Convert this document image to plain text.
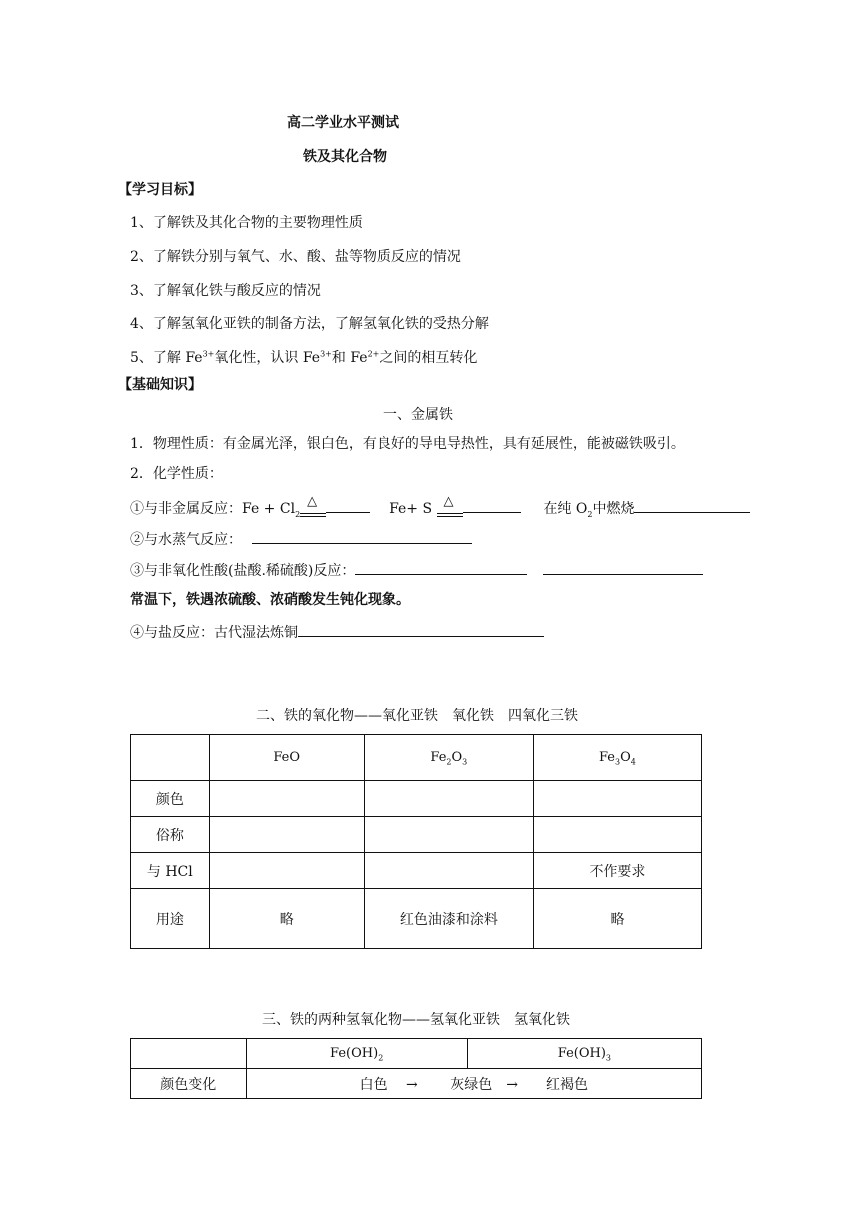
高二学业水平测试
铁及其化合物
【学习目标】
1、了解铁及其化合物的主要物理性质
2、了解铁分别与氧气、水、酸、盐等物质反应的情况
3、了解氧化铁与酸反应的情况
4、了解氢氧化亚铁的制备方法，了解氢氧化铁的受热分解
5、了解 $Fe^{3+}$氧化性，认识 $Fe^{3+}$和 $Fe^{2+}$之间的相互转化
【基础知识】
一、金属铁
1．物理性质：有金属光泽，银白色，有良好的导电导热性，具有延展性，能被磁铁吸引。
2．化学性质：
①与非金属反应：$Fe + Cl_2$
△	Fe+ S △	在纯 $O_2$中燃烧
②与水蒸气反应：
③与非氧化性酸(盐酸.稀硫酸)反应：
常温下，铁遇浓硫酸、浓硝酸发生钝化现象。
④与盐反应：古代湿法炼铜
二、铁的氧化物——氧化亚铁　氧化铁　四氧化三铁
	FeO	$Fe_2O_3$	$Fe_3O_4$
颜色			
俗称			
与 HCl			不作要求
用途	略	红色油漆和涂料	略
三、铁的两种氢氧化物——氢氧化亚铁　氢氧化铁
	$Fe(OH)_2$	$Fe(OH)_3$
颜色变化	白色　 →　　 灰绿色　→　　红褐色	
